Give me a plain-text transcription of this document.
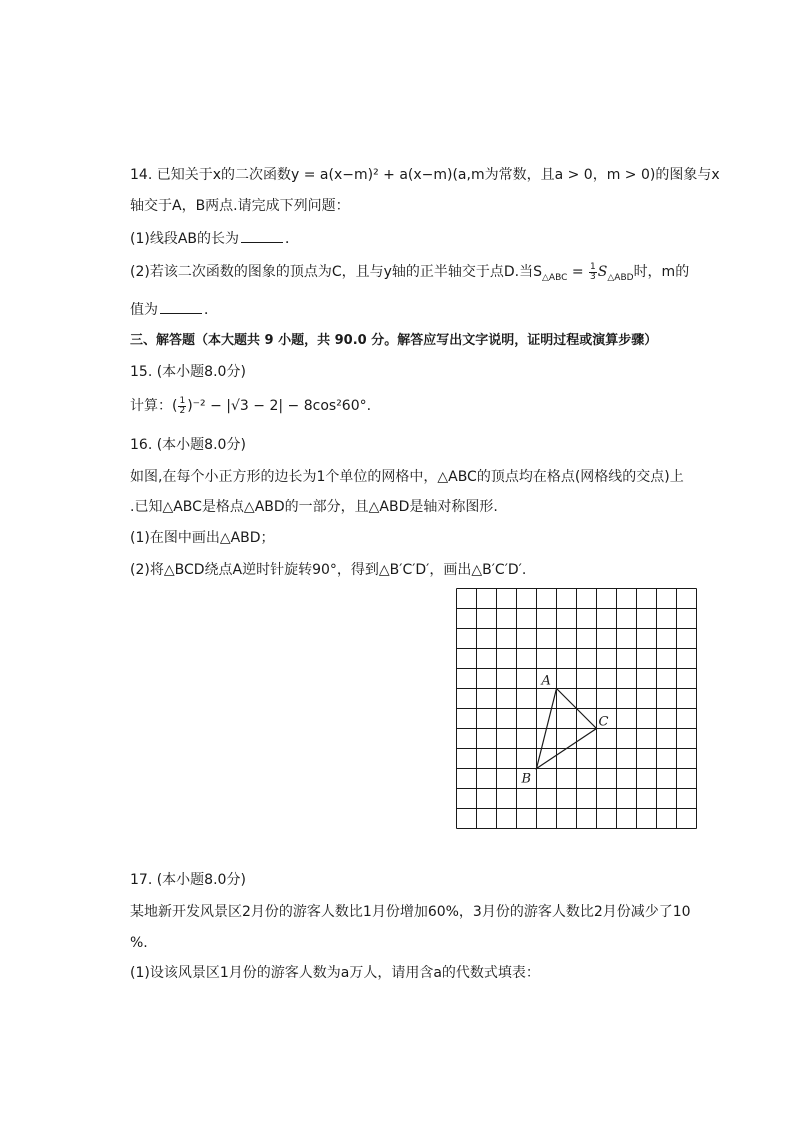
14. 已知关于x的二次函数y = a(x−m)² + a(x−m)(a,m为常数，且a > 0，m > 0)的图象与x
轴交于A，B两点.请完成下列问题：
(1)线段AB的长为	．
(2)若该二次函数的图象的顶点为C，且与y轴的正半轴交于点D.当$S_{\triangle ABC} = \frac{1}{3} S_{\triangle ABD}$时，m的
值为	．
三、解答题（本大题共 9 小题，共 90.0 分。解答应写出文字说明，证明过程或演算步骤）
15. (本小题8.0分)
计算：( $\frac{1}{2} )^{-2} - |√3 - 2| - 8\cos^260^\circ$.
16. (本小题8.0分)
如图,在每个小正方形的边长为1个单位的网格中，△ABC的顶点均在格点(网格线的交点)上
.已知△ABC是格点△ABD的一部分，且△ABD是轴对称图形.
(1)在图中画出△ABD；
(2)将△BCD绕点A逆时针旋转90°，得到△B′C′D′，画出△B′C′D′.
A
B
C
17. (本小题8.0分)
某地新开发风景区2月份的游客人数比1月份增加60%，3月份的游客人数比2月份减少了10
%.
(1)设该风景区1月份的游客人数为a万人，请用含a的代数式填表：
